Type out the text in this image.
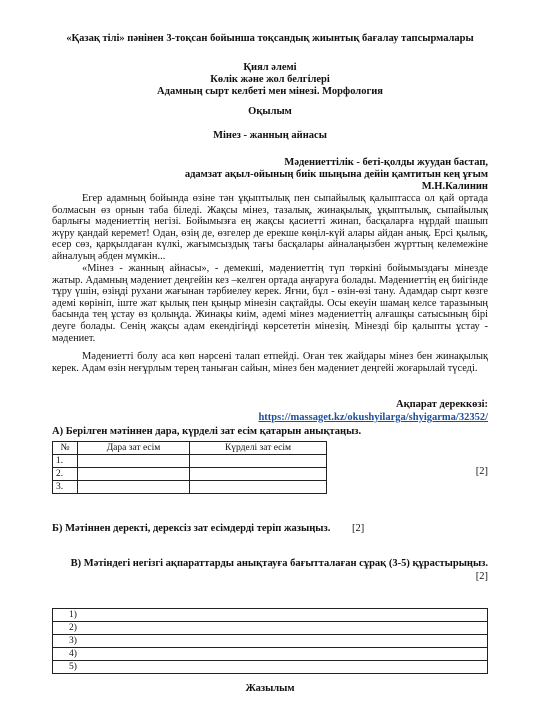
«Қазақ тілі» пәнінен 3-тоқсан бойынша тоқсандық жиынтық бағалау тапсырмалары
Қиял әлемі
Көлік және жол белгілері
Адамның сырт келбеті мен мінезі. Морфология
Оқылым
Мінез - жанның айнасы
Мәдениеттілік - беті-қолды жуудан бастап,
адамзат ақыл-ойының биік шыңына дейін қамтитын кең ұғым
М.Н.Калинин

Егер адамның бойында өзіне тән ұқыптылық пен сыпайылық қалыптасса ол қай ортада болмасын өз орнын таба біледі. Жақсы мінез, тазалық, жинақылық, ұқыптылық, сыпайылық барлығы мәдениеттің негізі. Бойымызға ең жақсы қасиетті жинап, басқаларға нұрдай шашып жүру қандай керемет! Одан, өзің де, өзгелер де ерекше көңіл-күй алары айдан анық. Ерсі қылық, есер сөз, қарқылдаған күлкі, жағымсыздық тағы басқалары айналаңызбен жүрттың келемежіне айналуың әбден мүмкін...

«Мінез - жанның айнасы», - демекші, мәдениеттің түп төркіні бойымыздағы мінезде жатыр. Адамның мәдениет деңгейін кез –келген ортада аңғаруға болады. Мәдениеттің ең биігінде тұру үшін, өзіңді рухани жағынан тәрбиелеу керек. Яғни, бұл - өзін-өзі тану. Адамдар сырт көзге әдемі көрініп, іште жат қылық пен қыңыр мінезін сақтайды. Осы екеуін шамаң келсе таразының басында тең ұстау өз қолыңда. Жинақы киім, әдемі мінез мәдениеттің алғашқы сатысының бірі деуге болады. Сенің жақсы адам екендігіңді көрсететін мінезің. Мінезді бір қалыпты ұстау - мәдениет.

Мәдениетті болу аса көп нәрсені талап етпейді. Оған тек жайдары мінез бен жинақылық керек. Адам өзін неғұрлым терең таныған сайын, мінез бен мәдениет деңгейі жоғарылай түседі.

Ақпарат дереккөзі:
https://massaget.kz/okushyilarga/shyigarma/32352/
А) Берілген мәтіннен дара, күрделі зат есім қатарын анықтаңыз.
№	Дара зат есім	Күрделі зат есім
1.		
2.		
3.		
[2]
Б) Мәтіннен деректі, дерексіз зат есімдерді теріп жазыңыз. [2]
В) Мәтіндегі негізгі ақпараттарды анықтауға бағытталаған сұрақ (3-5) құрастырыңыз.
[2]
1)
2)
3)
4)
5)
Жазылым
